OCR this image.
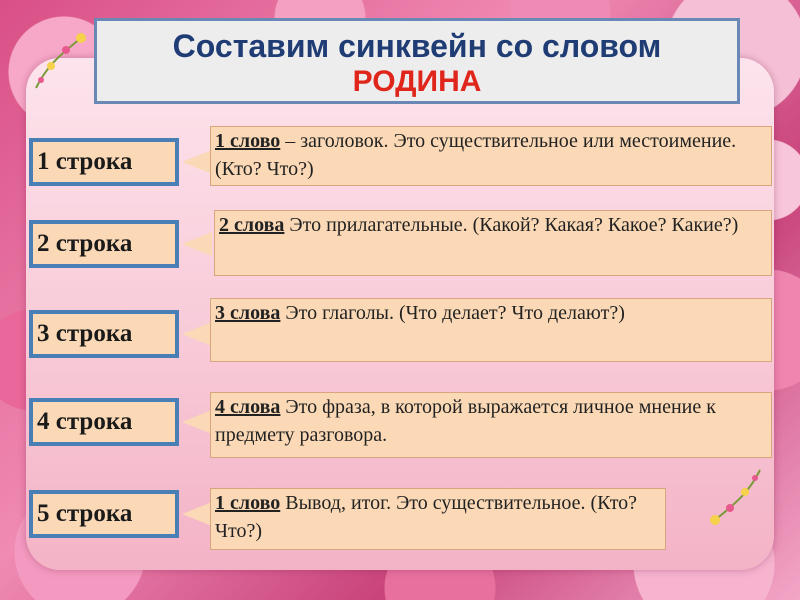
Составим синквейн со словом
РОДИНА
1 строка
1 слово – заголовок. Это существительное или местоимение. (Кто? Что?)
2 строка
2 слова Это прилагательные. (Какой? Какая? Какое? Какие?)
3 строка
3 слова Это глаголы. (Что делает? Что делают?)
4 строка
4 слова Это фраза, в которой выражается личное мнение к предмету разговора.
5 строка	1 слово Вывод, итог. Это существительное. (Кто? Что?)
